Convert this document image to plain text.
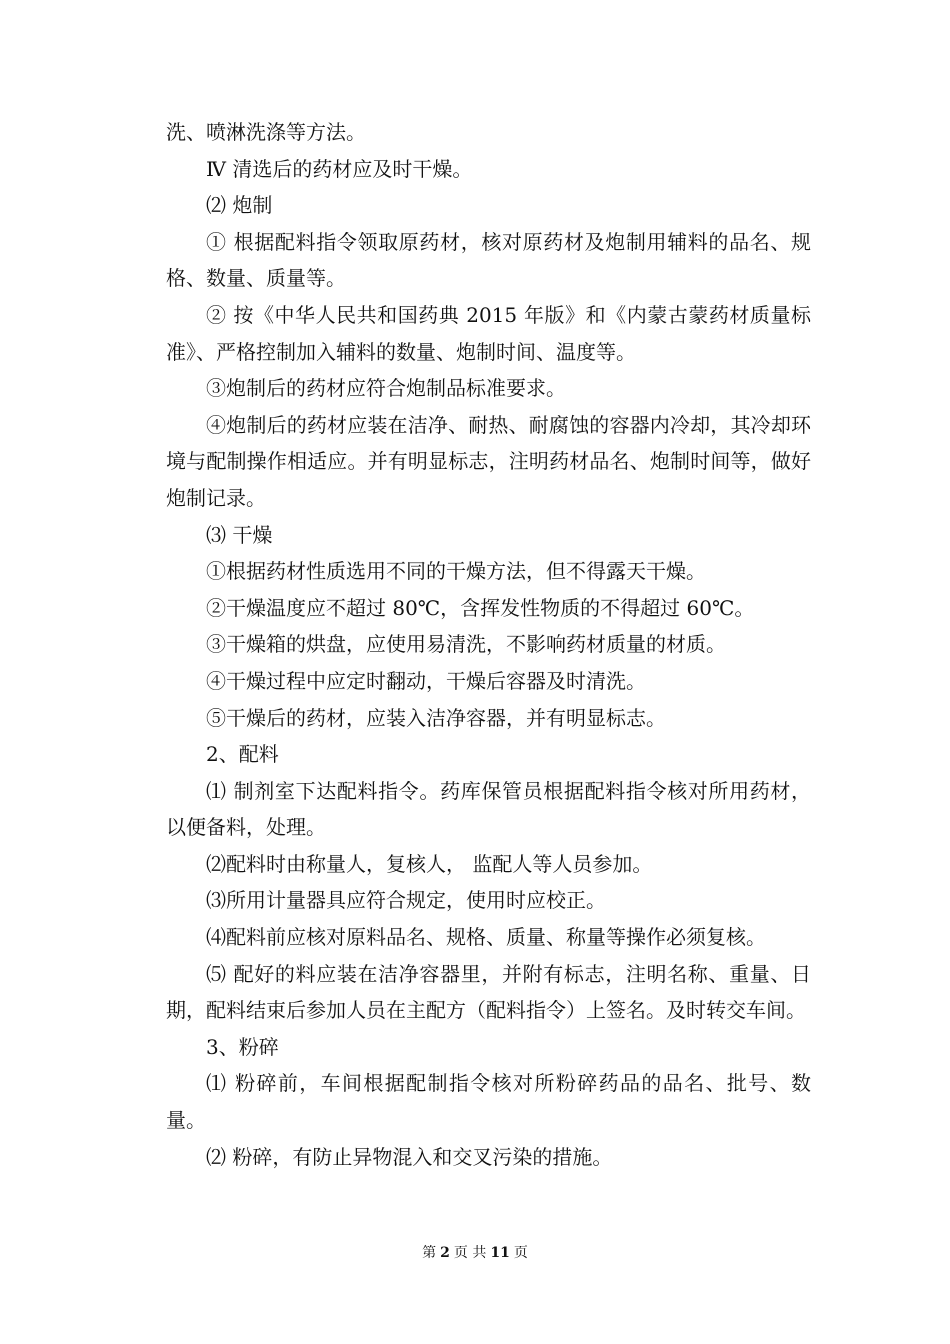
洗、喷淋洗涤等方法。

Ⅳ 清选后的药材应及时干燥。

⑵ 炮制

① 根据配料指令领取原药材，核对原药材及炮制用辅料的品名、规格、数量、质量等。

② 按《中华人民共和国药典 2015 年版》和《内蒙古蒙药材质量标准》、严格控制加入辅料的数量、炮制时间、温度等。

③炮制后的药材应符合炮制品标准要求。

④炮制后的药材应装在洁净、耐热、耐腐蚀的容器内冷却，其冷却环境与配制操作相适应。并有明显标志，注明药材品名、炮制时间等，做好炮制记录。

⑶ 干燥

①根据药材性质选用不同的干燥方法，但不得露天干燥。

②干燥温度应不超过 80℃，含挥发性物质的不得超过 60℃。

③干燥箱的烘盘，应使用易清洗，不影响药材质量的材质。

④干燥过程中应定时翻动，干燥后容器及时清洗。

⑤干燥后的药材，应装入洁净容器，并有明显标志。

2、配料

⑴ 制剂室下达配料指令。药库保管员根据配料指令核对所用药材，以便备料，处理。

⑵配料时由称量人，复核人， 监配人等人员参加。

⑶所用计量器具应符合规定，使用时应校正。

⑷配料前应核对原料品名、规格、质量、称量等操作必须复核。

⑸ 配好的料应装在洁净容器里，并附有标志，注明名称、重量、日期，配料结束后参加人员在主配方（配料指令）上签名。及时转交车间。

3、粉碎

⑴ 粉碎前，车间根据配制指令核对所粉碎药品的品名、批号、数量。

⑵ 粉碎，有防止异物混入和交叉污染的措施。

第 2 页 共 11 页
